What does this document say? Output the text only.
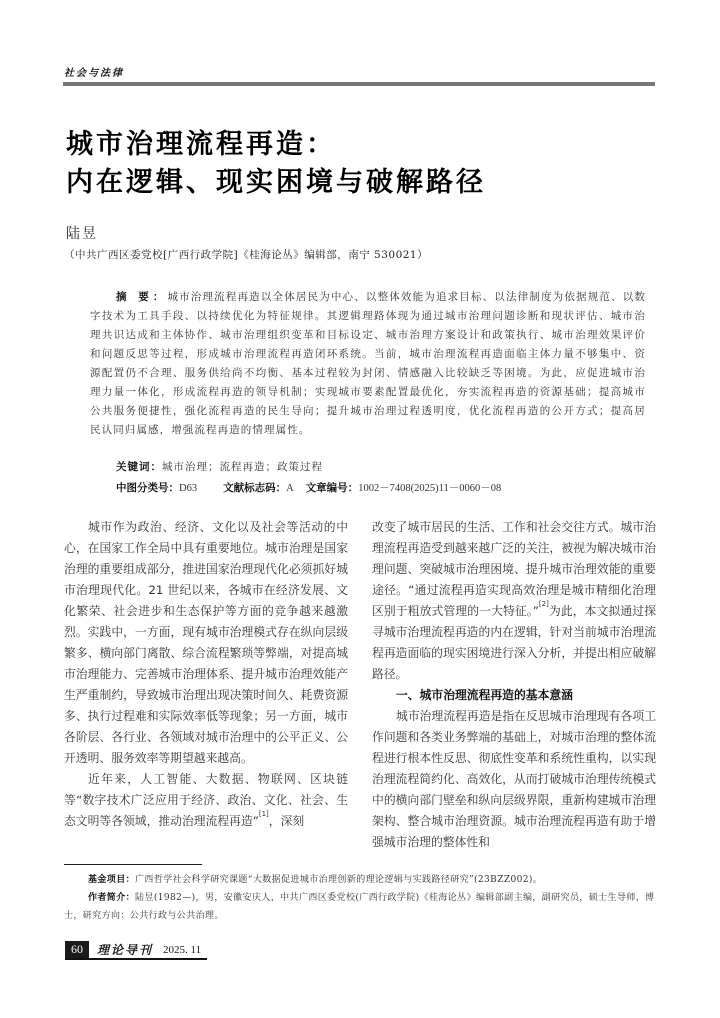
社会与法律
城市治理流程再造：
内在逻辑、现实困境与破解路径
陆昱
（中共广西区委党校[广西行政学院]《桂海论丛》编辑部，南宁 530021）
摘 要：城市治理流程再造以全体居民为中心、以整体效能为追求目标、以法律制度为依据规范、以数字技术为工具手段、以持续优化为特征规律。其逻辑理路体现为通过城市治理问题诊断和现状评估、城市治理共识达成和主体协作、城市治理组织变革和目标设定、城市治理方案设计和政策执行、城市治理效果评价和问题反思等过程，形成城市治理流程再造闭环系统。当前，城市治理流程再造面临主体力量不够集中、资源配置仍不合理、服务供给尚不均衡、基本过程较为封闭、情感融入比较缺乏等困境。为此，应促进城市治理力量一体化，形成流程再造的领导机制；实现城市要素配置最优化，夯实流程再造的资源基础；提高城市公共服务便捷性，强化流程再造的民生导向；提升城市治理过程透明度，优化流程再造的公开方式；提高居民认同归属感，增强流程再造的情理属性。
关键词：城市治理；流程再造；政策过程
中图分类号：D63 文献标志码：A 文章编号：1002－7408(2025)11－0060－08

城市作为政治、经济、文化以及社会等活动的中心，在国家工作全局中具有重要地位。城市治理是国家治理的重要组成部分，推进国家治理现代化必须抓好城市治理现代化。21 世纪以来，各城市在经济发展、文化繁荣、社会进步和生态保护等方面的竞争越来越激烈。实践中，一方面，现有城市治理模式存在纵向层级繁多、横向部门离散、综合流程繁琐等弊端，对提高城市治理能力、完善城市治理体系、提升城市治理效能产生严重制约，导致城市治理出现决策时间久、耗费资源多、执行过程难和实际效率低等现象；另一方面，城市各阶层、各行业、各领域对城市治理中的公平正义、公开透明、服务效率等期望越来越高。

近年来，人工智能、大数据、物联网、区块链等“数字技术广泛应用于经济、政治、文化、社会、生态文明等各领域，推动治理流程再造”[1]，深刻

改变了城市居民的生活、工作和社会交往方式。城市治理流程再造受到越来越广泛的关注，被视为解决城市治理问题、突破城市治理困境、提升城市治理效能的重要途径。“通过流程再造实现高效治理是城市精细化治理区别于粗放式管理的一大特征。”[2]为此，本文拟通过探寻城市治理流程再造的内在逻辑，针对当前城市治理流程再造面临的现实困境进行深入分析，并提出相应破解路径。

一、城市治理流程再造的基本意涵

城市治理流程再造是指在反思城市治理现有各项工作问题和各类业务弊端的基础上，对城市治理的整体流程进行根本性反思、彻底性变革和系统性重构，以实现治理流程简约化、高效化，从而打破城市治理传统模式中的横向部门壁垒和纵向层级界限，重新构建城市治理架构、整合城市治理资源。城市治理流程再造有助于增强城市治理的整体性和

基金项目：广西哲学社会科学研究课题“大数据促进城市治理创新的理论逻辑与实践路径研究”(23BZZ002)。

作者简介：陆昱(1982—)，男，安徽安庆人，中共广西区委党校(广西行政学院)《桂海论丛》编辑部副主编，副研究员，硕士生导师，博士，研究方向：公共行政与公共治理。

60	理论导刊 2025. 11
